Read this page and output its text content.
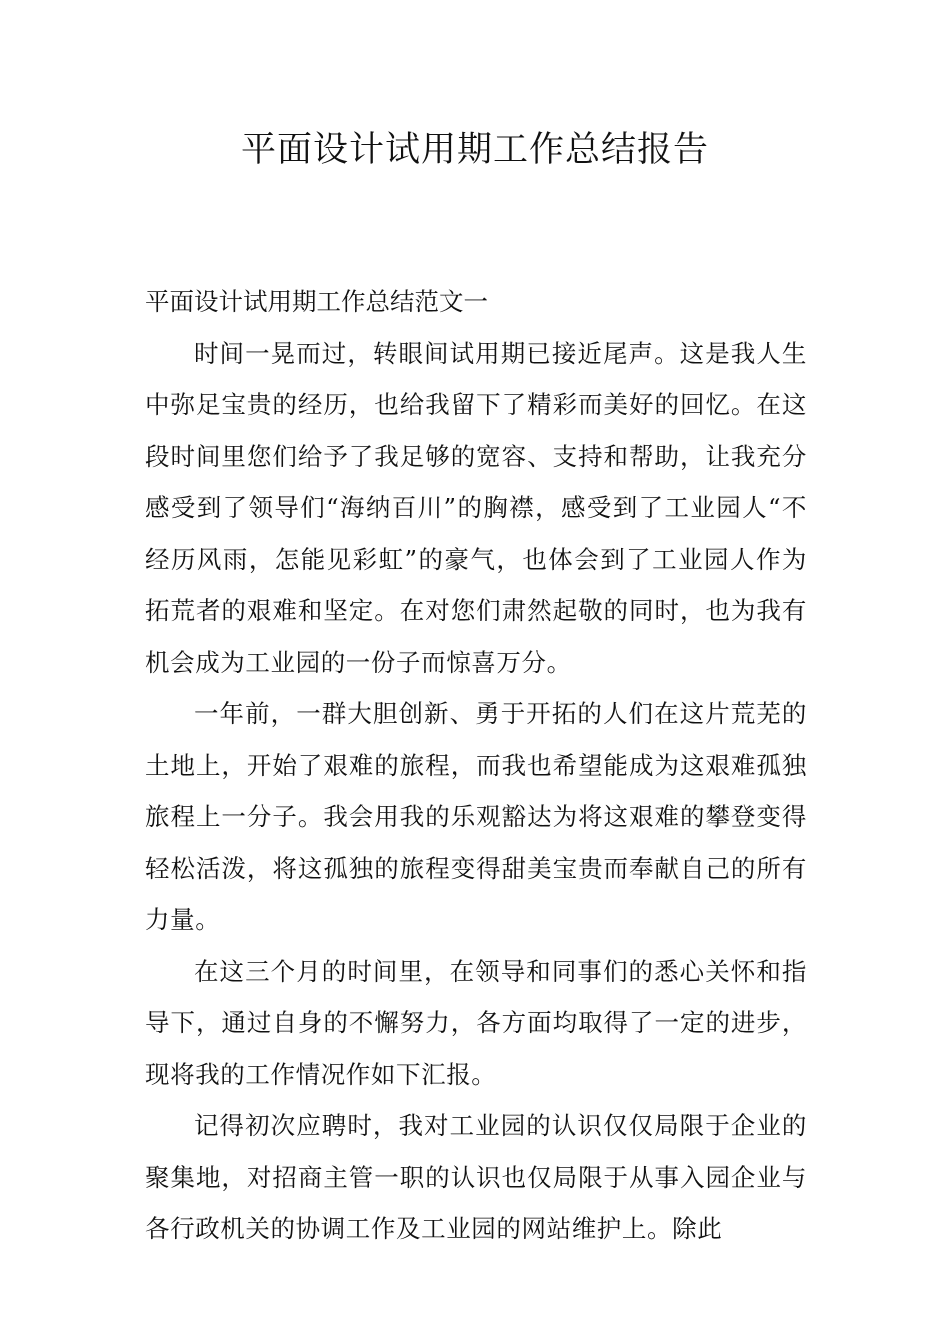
平面设计试用期工作总结报告

平面设计试用期工作总结范文一

时间一晃而过，转眼间试用期已接近尾声。这是我人生中弥足宝贵的经历，也给我留下了精彩而美好的回忆。在这段时间里您们给予了我足够的宽容、支持和帮助，让我充分感受到了领导们“海纳百川”的胸襟，感受到了工业园人“不经历风雨，怎能见彩虹”的豪气，也体会到了工业园人作为拓荒者的艰难和坚定。在对您们肃然起敬的同时，也为我有机会成为工业园的一份子而惊喜万分。

一年前，一群大胆创新、勇于开拓的人们在这片荒芜的土地上，开始了艰难的旅程，而我也希望能成为这艰难孤独旅程上一分子。我会用我的乐观豁达为将这艰难的攀登变得轻松活泼，将这孤独的旅程变得甜美宝贵而奉献自己的所有力量。

在这三个月的时间里，在领导和同事们的悉心关怀和指导下，通过自身的不懈努力，各方面均取得了一定的进步，现将我的工作情况作如下汇报。

记得初次应聘时，我对工业园的认识仅仅局限于企业的聚集地，对招商主管一职的认识也仅局限于从事入园企业与各行政机关的协调工作及工业园的网站维护上。除此
